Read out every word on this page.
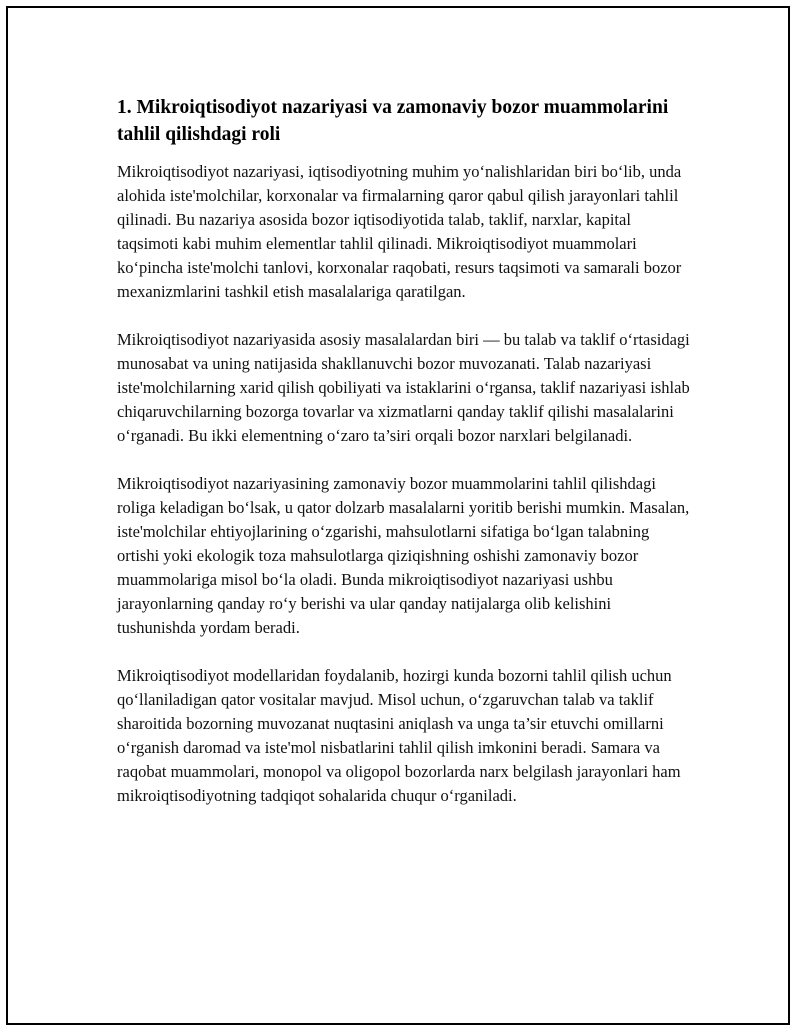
1. Mikroiqtisodiyot nazariyasi va zamonaviy bozor muammolarini tahlil qilishdagi roli

Mikroiqtisodiyot nazariyasi, iqtisodiyotning muhim yo‘nalishlaridan biri bo‘lib, unda alohida iste'molchilar, korxonalar va firmalarning qaror qabul qilish jarayonlari tahlil qilinadi. Bu nazariya asosida bozor iqtisodiyotida talab, taklif, narxlar, kapital taqsimoti kabi muhim elementlar tahlil qilinadi. Mikroiqtisodiyot muammolari ko‘pincha iste'molchi tanlovi, korxonalar raqobati, resurs taqsimoti va samarali bozor mexanizmlarini tashkil etish masalalariga qaratilgan.

Mikroiqtisodiyot nazariyasida asosiy masalalardan biri — bu talab va taklif o‘rtasidagi munosabat va uning natijasida shakllanuvchi bozor muvozanati. Talab nazariyasi iste'molchilarning xarid qilish qobiliyati va istaklarini o‘rgansa, taklif nazariyasi ishlab chiqaruvchilarning bozorga tovarlar va xizmatlarni qanday taklif qilishi masalalarini o‘rganadi. Bu ikki elementning o‘zaro ta’siri orqali bozor narxlari belgilanadi.

Mikroiqtisodiyot nazariyasining zamonaviy bozor muammolarini tahlil qilishdagi roliga keladigan bo‘lsak, u qator dolzarb masalalarni yoritib berishi mumkin. Masalan, iste'molchilar ehtiyojlarining o‘zgarishi, mahsulotlarni sifatiga bo‘lgan talabning ortishi yoki ekologik toza mahsulotlarga qiziqishning oshishi zamonaviy bozor muammolariga misol bo‘la oladi. Bunda mikroiqtisodiyot nazariyasi ushbu jarayonlarning qanday ro‘y berishi va ular qanday natijalarga olib kelishini tushunishda yordam beradi.

Mikroiqtisodiyot modellaridan foydalanib, hozirgi kunda bozorni tahlil qilish uchun qo‘llaniladigan qator vositalar mavjud. Misol uchun, o‘zgaruvchan talab va taklif sharoitida bozorning muvozanat nuqtasini aniqlash va unga ta’sir etuvchi omillarni o‘rganish daromad va iste'mol nisbatlarini tahlil qilish imkonini beradi. Samara va raqobat muammolari, monopol va oligopol bozorlarda narx belgilash jarayonlari ham mikroiqtisodiyotning tadqiqot sohalarida chuqur o‘rganiladi.
